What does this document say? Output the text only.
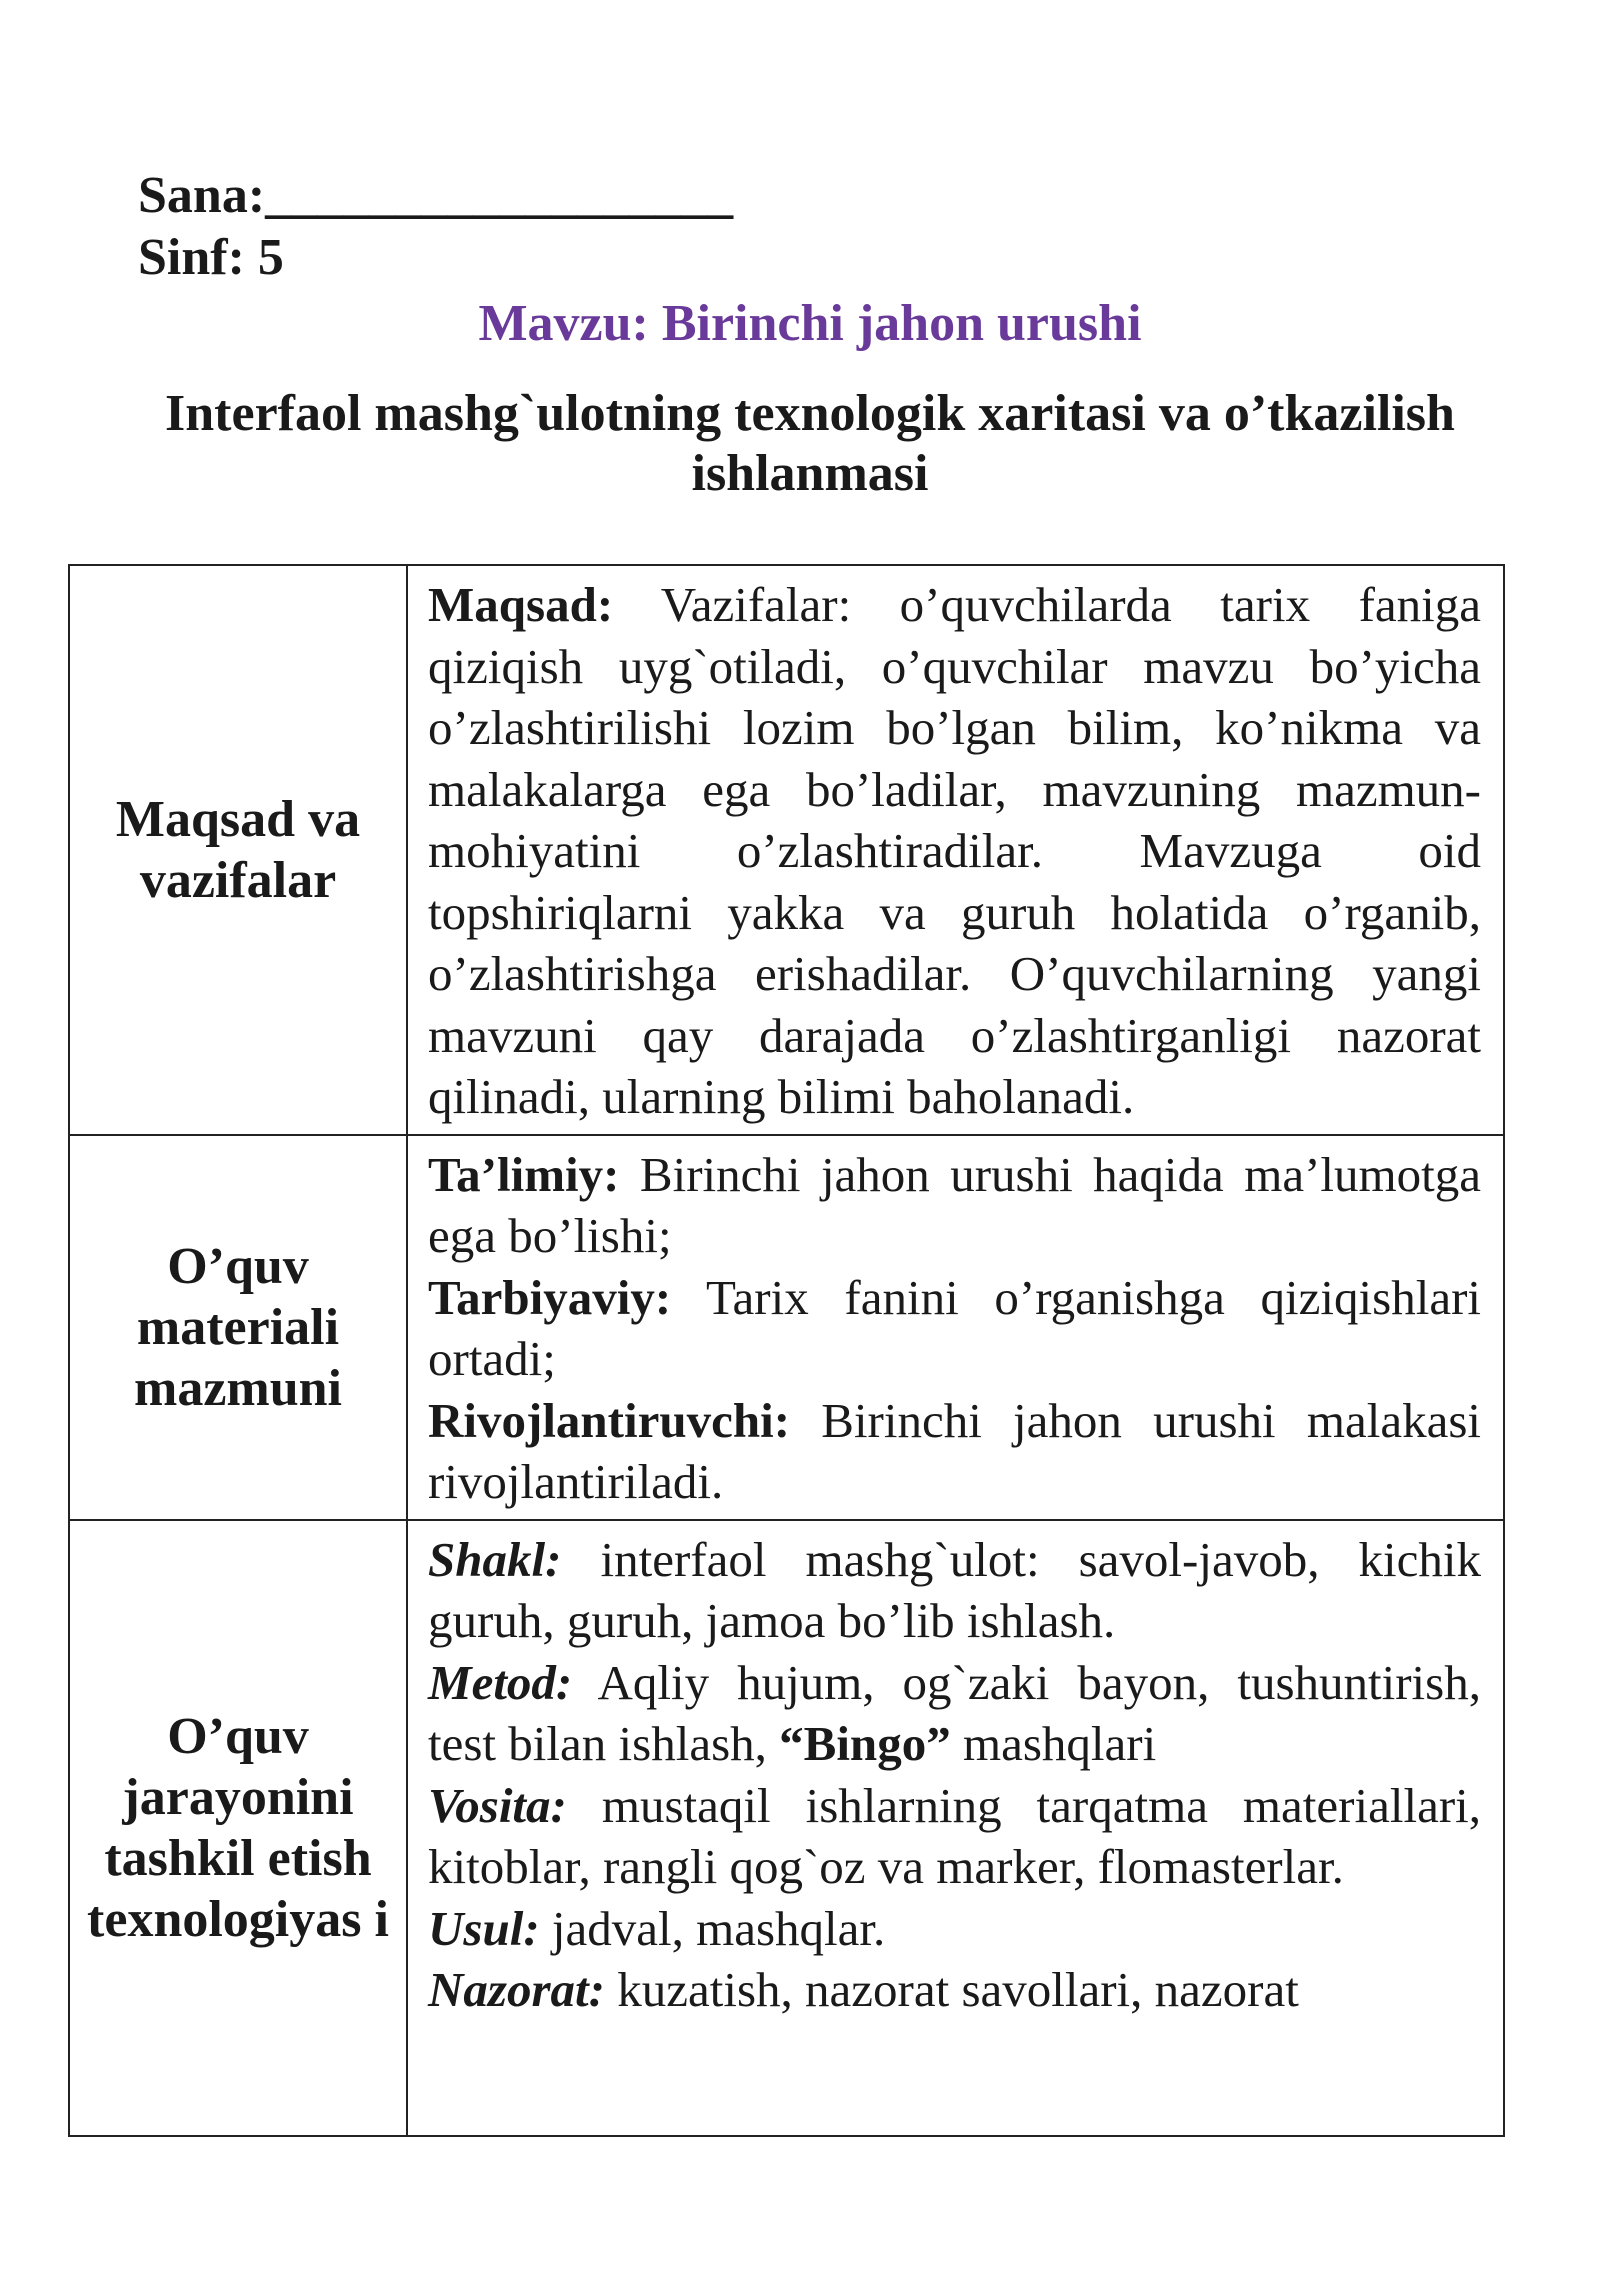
Sana:__________________
Sinf: 5
Mavzu: Birinchi jahon urushi
Interfaol mashg`ulotning texnologik xaritasi va o’tkazilish ishlanmasi
Maqsad va vazifalar	Maqsad: Vazifalar: o’quvchilarda tarix faniga qiziqish uyg`otiladi, o’quvchilar mavzu bo’yicha o’zlashtirilishi lozim bo’lgan bilim, ko’nikma va malakalarga ega bo’ladilar, mavzuning mazmun-mohiyatini o’zlashtiradilar. Mavzuga oid topshiriqlarni yakka va guruh holatida o’rganib, o’zlashtirishga erishadilar. O’quvchilarning yangi mavzuni qay darajada o’zlashtirganligi nazorat qilinadi, ularning bilimi baholanadi.
O’quv materiali mazmuni	Ta’limiy: Birinchi jahon urushi haqida ma’lumotga ega bo’lishi;
Tarbiyaviy: Tarix fanini o’rganishga qiziqishlari ortadi;
Rivojlantiruvchi: Birinchi jahon urushi malakasi rivojlantiriladi.

O’quv jarayonini tashkil etish texnologiyas i	Shakl: interfaol mashg`ulot: savol-javob, kichik guruh, guruh, jamoa bo’lib ishlash.
Metod: Aqliy hujum, og`zaki bayon, tushuntirish, test bilan ishlash, “Bingo” mashqlari
Vosita: mustaqil ishlarning tarqatma materiallari, kitoblar, rangli qog`oz va marker, flomasterlar.
Usul: jadval, mashqlar.
Nazorat: kuzatish, nazorat savollari, nazorat
